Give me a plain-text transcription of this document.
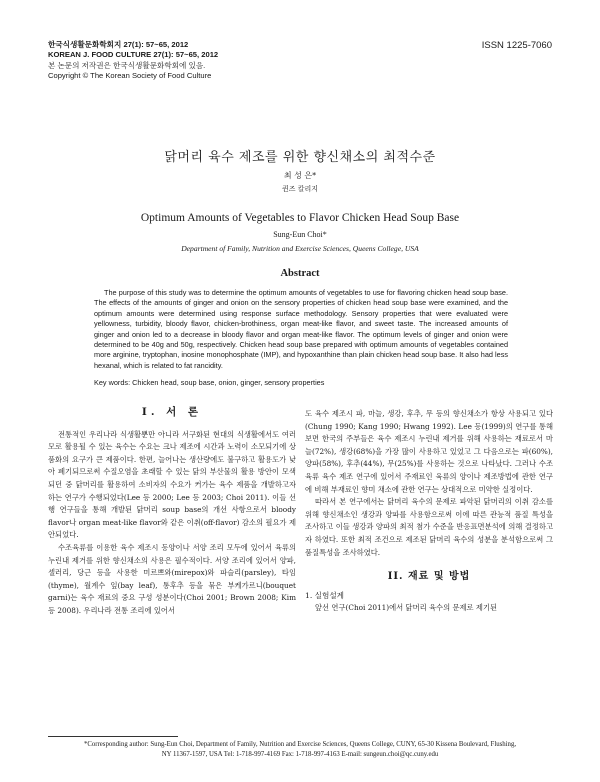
한국식생활문화학회지 27(1): 57~65, 2012
KOREAN J. FOOD CULTURE 27(1): 57~65, 2012
본 논문의 저작권은 한국식생활문화학회에 있음.
Copyright © The Korean Society of Food Culture
ISSN 1225-7060
닭머리 육수 제조를 위한 향신채소의 최적수준
최 성 은*
퀸즈 칼리지
Optimum Amounts of Vegetables to Flavor Chicken Head Soup Base
Sung-Eun Choi*
Department of Family, Nutrition and Exercise Sciences, Queens College, USA
Abstract

The purpose of this study was to determine the optimum amounts of vegetables to use for flavoring chicken head soup base. The effects of the amounts of ginger and onion on the sensory properties of chicken head soup base were examined, and the optimum amounts were determined using response surface methodology. Sensory properties that were evaluated were yellowness, turbidity, bloody flavor, chicken-brothiness, organ meat-like flavor, and sweet taste. The increased amounts of ginger and onion led to a decrease in bloody flavor and organ meat-like flavor. The optimum levels of ginger and onion were determined to be 40g and 50g, respectively. Chicken head soup base prepared with optimum amounts of vegetables contained more arginine, tryptophan, inosine monophosphate (IMP), and hypoxanthine than plain chicken head soup base. It also had less hexanal, which is related to fat rancidity.

Key words: Chicken head, soup base, onion, ginger, sensory properties
I. 서 론

전통적인 우리나라 식생활뿐만 아니라 서구화된 현대의 식생활에서도 여러모로 활용될 수 있는 육수는 수요는 크나 제조에 시간과 노력이 소모되기에 상품화의 요구가 큰 제품이다. 한편, 늘어나는 생산량에도 불구하고 활용도가 낮아 폐기되므로써 수질오염을 초래할 수 있는 닭의 부산물의 활용 방안이 모색되던 중 닭머리를 활용하여 소비자의 수요가 커가는 육수 제품을 개발하고자 하는 연구가 수행되었다(Lee 등 2000; Lee 등 2003; Choi 2011). 이들 선행 연구들을 통해 개발된 닭머리 soup base의 개선 사항으로서 bloody flavor나 organ meat-like flavor와 같은 이취(off-flavor) 감소의 필요가 제안되었다.

수조육류를 이용한 육수 제조시 동양이나 서양 조리 모두에 있어서 육류의 누린내 제거를 위한 향신채소의 사용은 필수적이다. 서양 조리에 있어서 양파, 셀러리, 당근 등을 사용한 미르쁘와(mirepox)와 파슬리(parsley), 타임(thyme), 월계수 잎(bay leaf), 통후추 등을 묶은 부케가르니(bouquet garni)는 육수 재료의 중요 구성 성분이다(Choi 2001; Brown 2008; Kim 등 2008). 우리나라 전통 조리에 있어서

도 육수 제조시 파, 마늘, 생강, 후추, 무 등의 향신채소가 항상 사용되고 있다(Chung 1990; Kang 1990; Hwang 1992). Lee 등(1999)의 연구를 통해 보면 한국의 주부들은 육수 제조시 누린내 제거를 위해 사용하는 재료로서 마늘(72%), 생강(68%)을 가장 많이 사용하고 있었고 그 다음으로는 파(60%), 양파(58%), 후추(44%), 무(25%)를 사용하는 것으로 나타났다. 그러나 수조육류 육수 제조 연구에 있어서 주재료인 육류의 양이나 제조방법에 관한 연구에 비해 부재료인 향미 채소에 관한 연구는 상대적으로 미약한 실정이다.

따라서 본 연구에서는 닭머리 육수의 문제로 파악된 닭머리의 이취 감소를 위해 향신채소인 생강과 양파를 사용함으로써 이에 따른 관능적 품질 특성을 조사하고 이들 생강과 양파의 최적 첨가 수준을 반응표면분석에 의해 결정하고자 하였다. 또한 최적 조건으로 제조된 닭머리 육수의 성분을 분석함으로써 그 품질특성을 조사하였다.

II. 재료 및 방법
1. 실험설계

앞선 연구(Choi 2011)에서 닭머리 육수의 문제로 제기된

*Corresponding author: Sung-Eun Choi, Department of Family, Nutrition and Exercise Sciences, Queens College, CUNY, 65-30 Kissena Boulevard, Flushing,
NY 11367-1597, USA Tel: 1-718-997-4169 Fax: 1-718-997-4163 E-mail: sungeun.choi@qc.cuny.edu
